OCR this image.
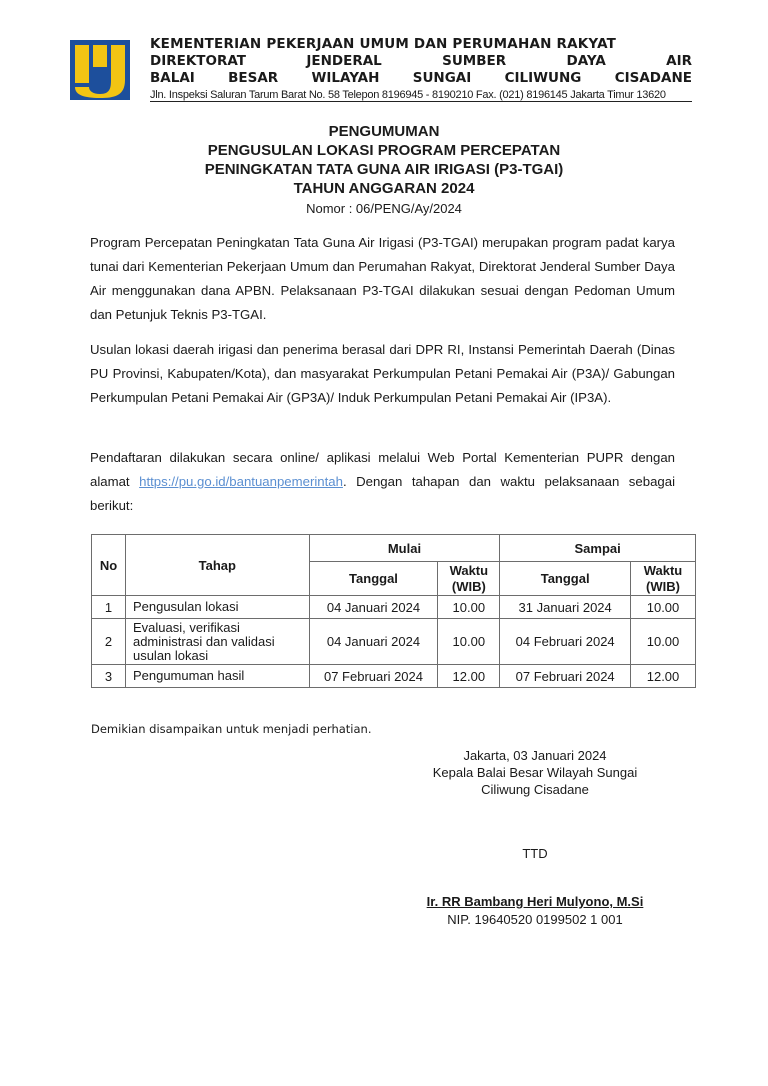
KEMENTERIAN PEKERJAAN UMUM DAN PERUMAHAN RAKYAT
DIREKTORAT	JENDERAL	SUMBER	DAYA	AIR
BALAI BESAR WILAYAH SUNGAI CILIWUNG CISADANE
Jln. Inspeksi Saluran Tarum Barat No. 58 Telepon 8196945 - 8190210 Fax. (021) 8196145 Jakarta Timur 13620
PENGUMUMAN
PENGUSULAN LOKASI PROGRAM PERCEPATAN
PENINGKATAN TATA GUNA AIR IRIGASI (P3-TGAI)
TAHUN ANGGARAN 2024
Nomor : 06/PENG/Ay/2024
Program Percepatan Peningkatan Tata Guna Air Irigasi (P3-TGAI) merupakan program padat karya tunai dari Kementerian Pekerjaan Umum dan Perumahan Rakyat, Direktorat Jenderal Sumber Daya Air menggunakan dana APBN. Pelaksanaan P3-TGAI dilakukan sesuai dengan Pedoman Umum dan Petunjuk Teknis P3-TGAI.
Usulan lokasi daerah irigasi dan penerima berasal dari DPR RI, Instansi Pemerintah Daerah (Dinas PU Provinsi, Kabupaten/Kota), dan masyarakat Perkumpulan Petani Pemakai Air (P3A)/ Gabungan Perkumpulan Petani Pemakai Air (GP3A)/ Induk Perkumpulan Petani Pemakai Air (IP3A).
Pendaftaran dilakukan secara online/ aplikasi melalui Web Portal Kementerian PUPR dengan alamat https://pu.go.id/bantuanpemerintah. Dengan tahapan dan waktu pelaksanaan sebagai berikut:
No	Tahap	Mulai		Sampai	
		Tanggal	Waktu (WIB)	Tanggal	Waktu (WIB)
1	Pengusulan lokasi	04 Januari 2024	10.00	31 Januari 2024	10.00
2	Evaluasi, verifikasi administrasi dan validasi usulan lokasi	04 Januari 2024	10.00	04 Februari 2024	10.00
3	Pengumuman hasil	07 Februari 2024	12.00	07 Februari 2024	12.00
Demikian disampaikan untuk menjadi perhatian.
Jakarta, 03 Januari 2024
Kepala Balai Besar Wilayah Sungai
Ciliwung Cisadane
TTD
Ir. RR Bambang Heri Mulyono, M.Si
NIP. 19640520 0199502 1 001
